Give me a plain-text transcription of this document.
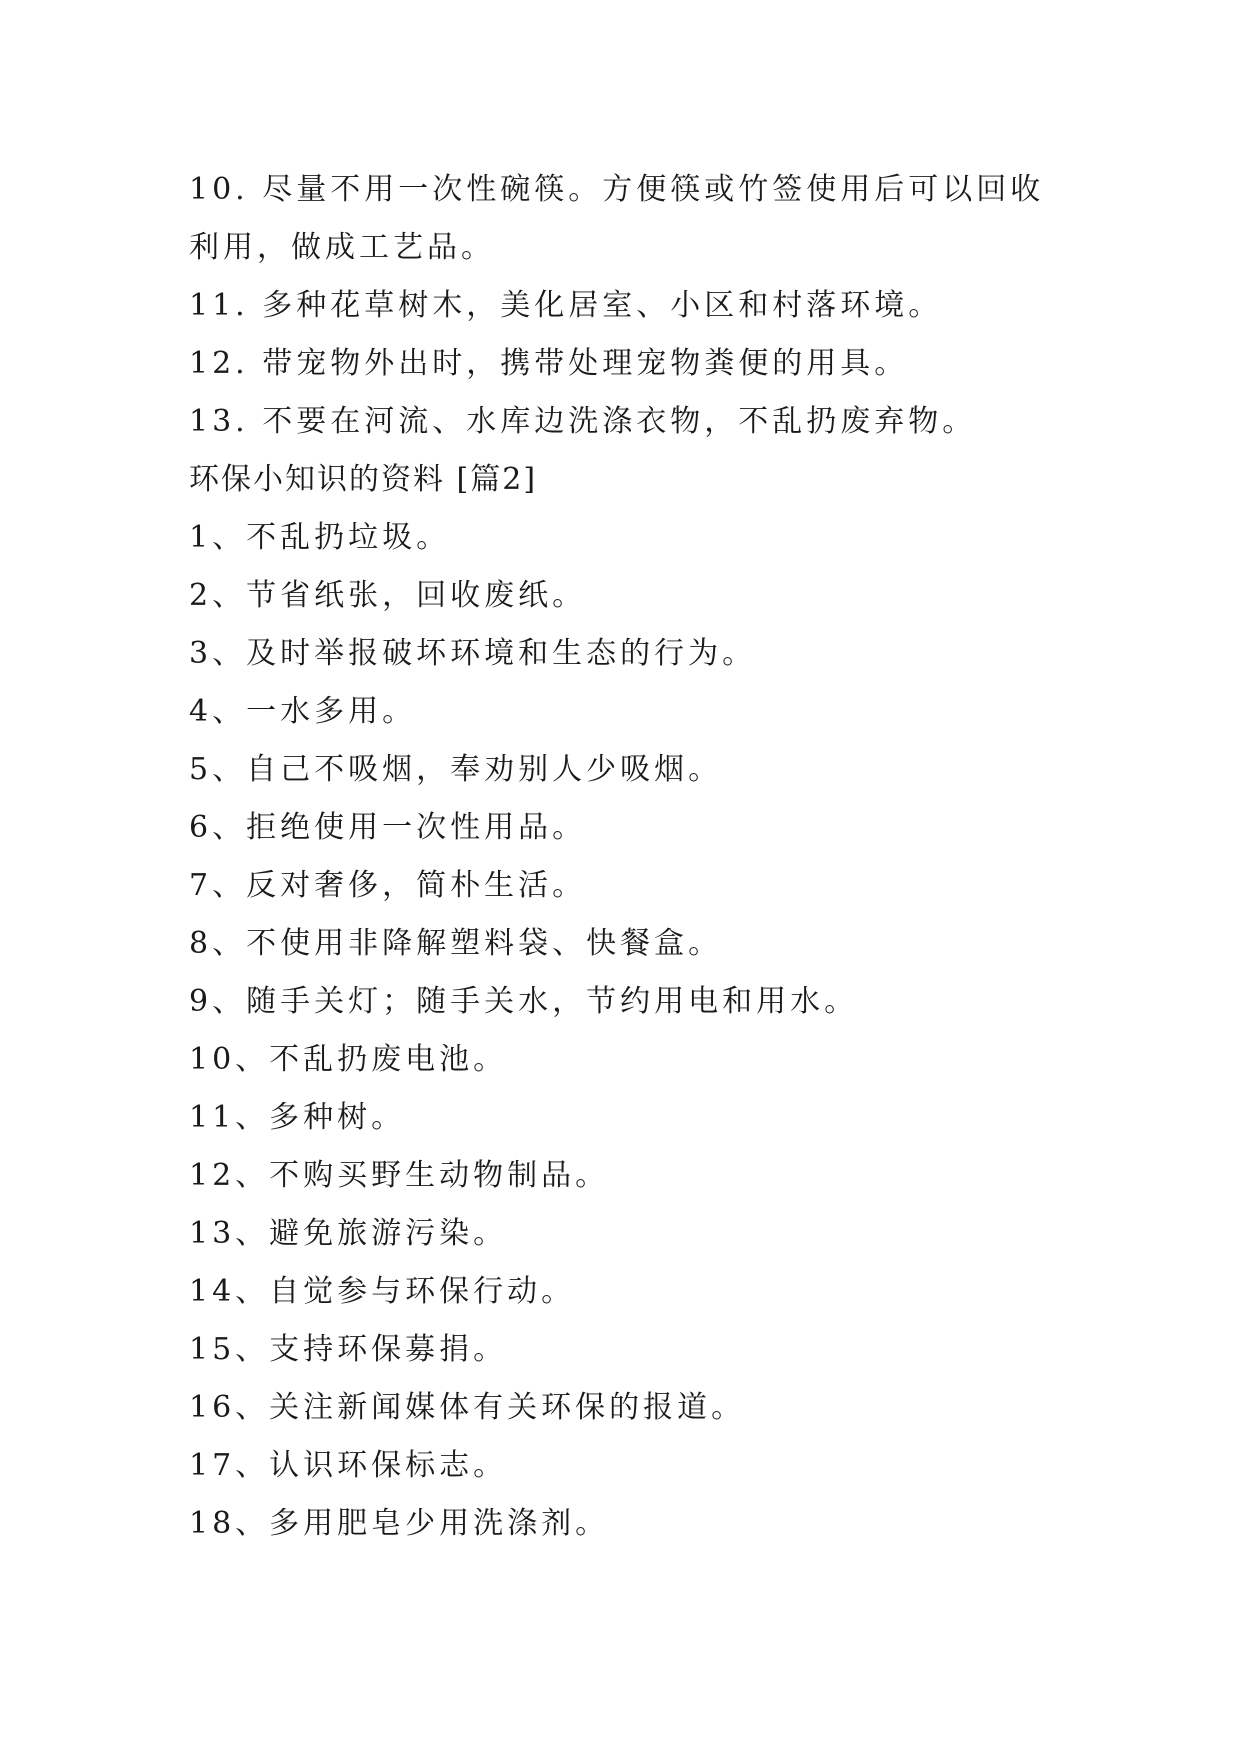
10. 尽量不用一次性碗筷。方便筷或竹签使用后可以回收利用，做成工艺品。

11. 多种花草树木，美化居室、小区和村落环境。

12. 带宠物外出时，携带处理宠物粪便的用具。

13. 不要在河流、水库边洗涤衣物，不乱扔废弃物。

环保小知识的资料 [篇2]
1、不乱扔垃圾。
2、节省纸张，回收废纸。
3、及时举报破坏环境和生态的行为。
4、一水多用。
5、自己不吸烟，奉劝别人少吸烟。
6、拒绝使用一次性用品。
7、反对奢侈，简朴生活。
8、不使用非降解塑料袋、快餐盒。
9、随手关灯；随手关水，节约用电和用水。
10、不乱扔废电池。
11、多种树。
12、不购买野生动物制品。
13、避免旅游污染。
14、自觉参与环保行动。
15、支持环保募捐。
16、关注新闻媒体有关环保的报道。
17、认识环保标志。
18、多用肥皂少用洗涤剂。
